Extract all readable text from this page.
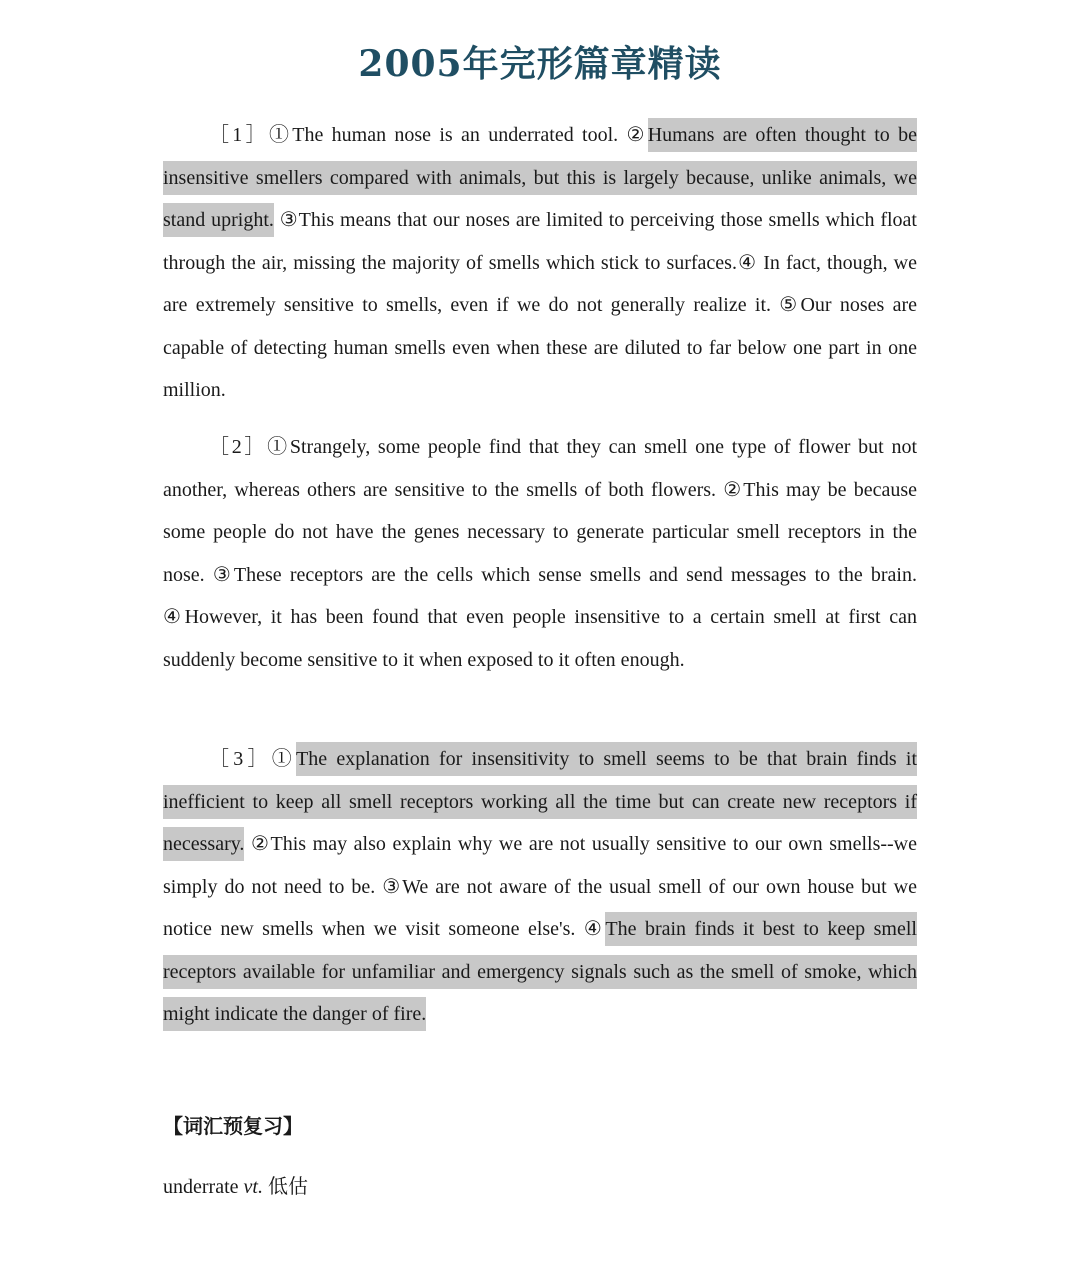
2005年完形篇章精读

［1］①The human nose is an underrated tool. ②Humans are often thought to be insensitive smellers compared with animals, but this is largely because, unlike animals, we stand upright. ③This means that our noses are limited to perceiving those smells which float through the air, missing the majority of smells which stick to surfaces.④ In fact, though, we are extremely sensitive to smells, even if we do not generally realize it. ⑤Our noses are capable of detecting human smells even when these are diluted to far below one part in one million.

［2］①Strangely, some people find that they can smell one type of flower but not another, whereas others are sensitive to the smells of both flowers. ②This may be because some people do not have the genes necessary to generate particular smell receptors in the nose. ③These receptors are the cells which sense smells and send messages to the brain. ④However, it has been found that even people insensitive to a certain smell at first can suddenly become sensitive to it when exposed to it often enough.

［3］①The explanation for insensitivity to smell seems to be that brain finds it inefficient to keep all smell receptors working all the time but can create new receptors if necessary. ②This may also explain why we are not usually sensitive to our own smells--we simply do not need to be. ③We are not aware of the usual smell of our own house but we notice new smells when we visit someone else's. ④The brain finds it best to keep smell receptors available for unfamiliar and emergency signals such as the smell of smoke, which might indicate the danger of fire.

【词汇预复习】
underrate vt. 低估
